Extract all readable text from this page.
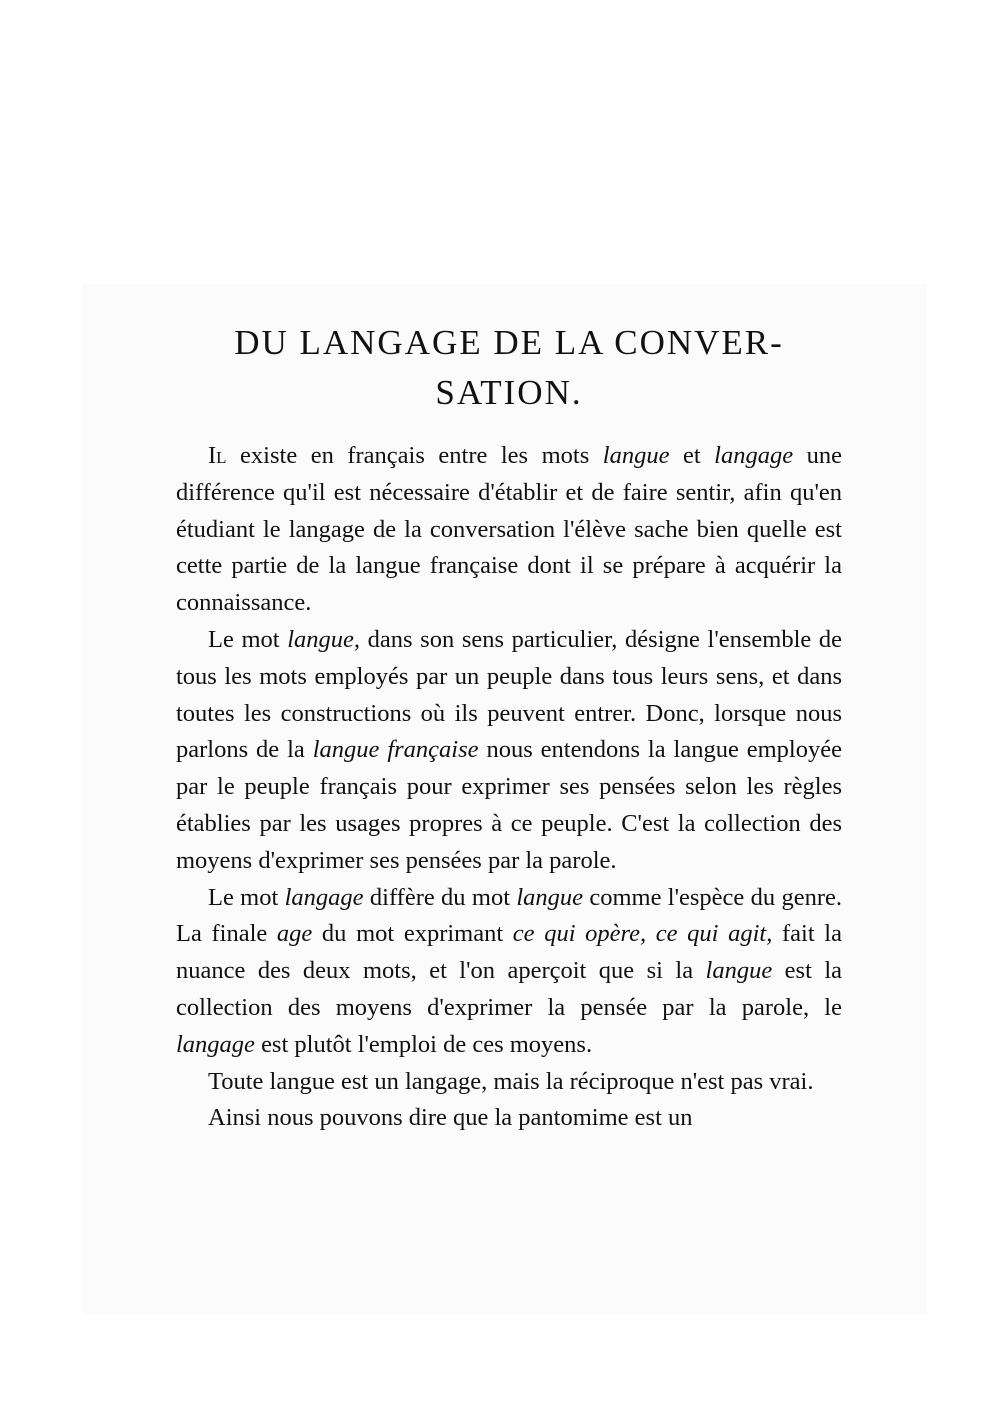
DU LANGAGE DE LA CONVER-
SATION.

Il existe en français entre les mots langue et langage une différence qu'il est nécessaire d'établir et de faire sentir, afin qu'en étudiant le langage de la conversation l'élève sache bien quelle est cette partie de la langue française dont il se prépare à acquérir la connaissance.

Le mot langue, dans son sens particulier, désigne l'ensemble de tous les mots employés par un peuple dans tous leurs sens, et dans toutes les constructions où ils peuvent entrer. Donc, lorsque nous parlons de la langue française nous entendons la langue employée par le peuple français pour exprimer ses pensées selon les règles établies par les usages propres à ce peuple. C'est la collection des moyens d'exprimer ses pensées par la parole.

Le mot langage diffère du mot langue comme l'espèce du genre. La finale age du mot exprimant ce qui opère, ce qui agit, fait la nuance des deux mots, et l'on aperçoit que si la langue est la collection des moyens d'exprimer la pensée par la parole, le langage est plutôt l'emploi de ces moyens.

Toute langue est un langage, mais la réciproque n'est pas vrai.

Ainsi nous pouvons dire que la pantomime est un
